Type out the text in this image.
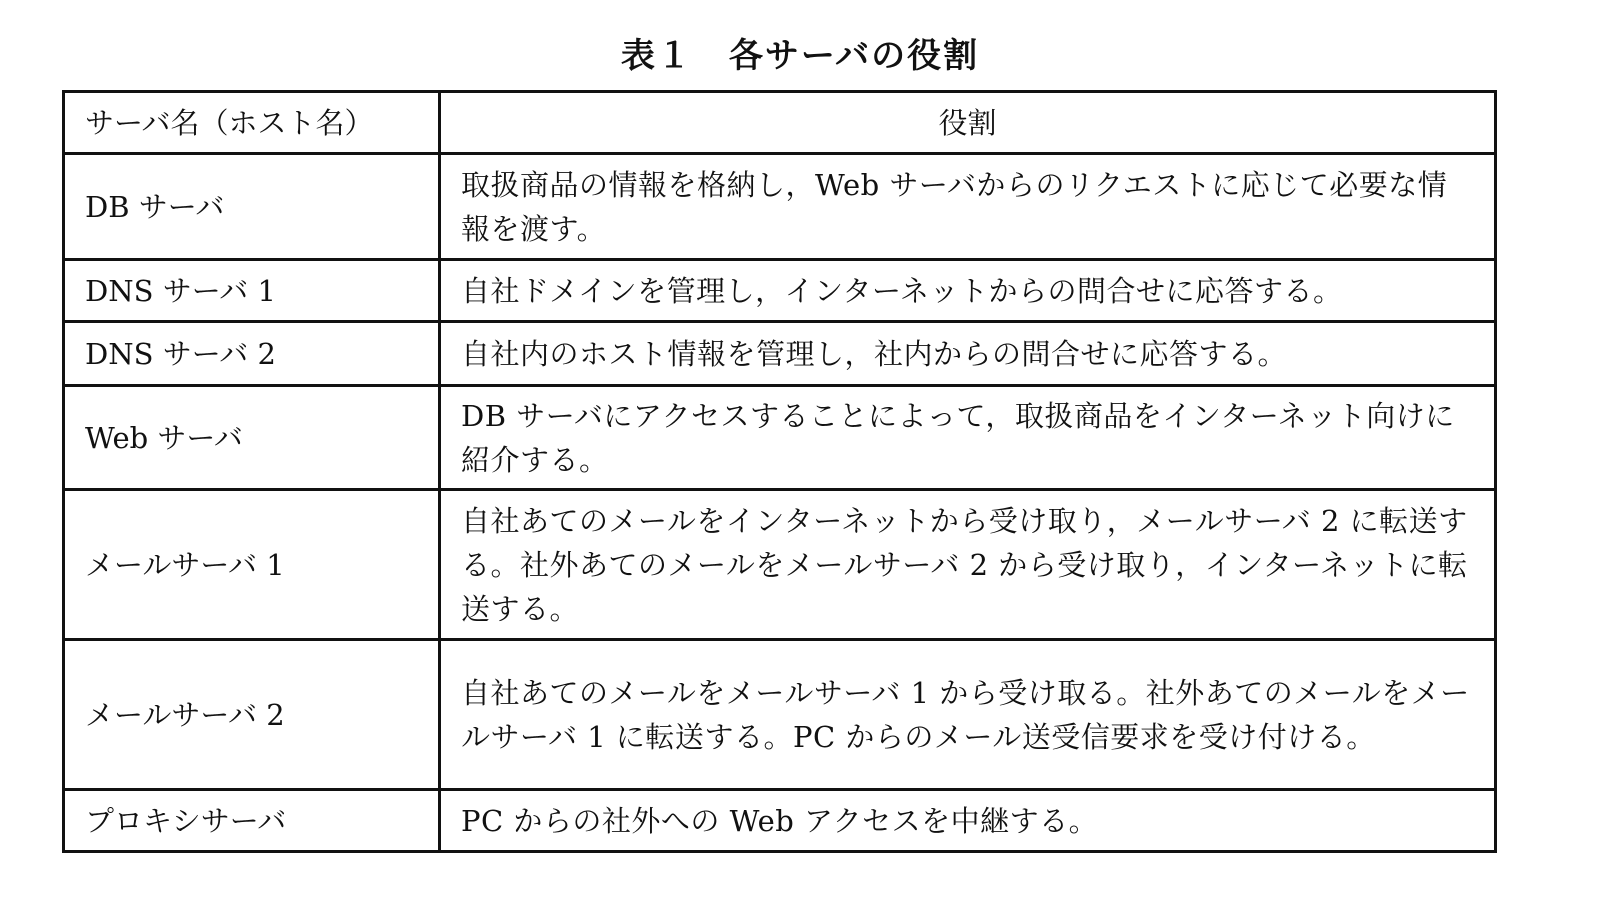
表１　各サーバの役割
サーバ名（ホスト名）	役割
DB サーバ	取扱商品の情報を格納し，Web サーバからのリクエストに応じて必要な情報を渡す。
DNS サーバ 1	自社ドメインを管理し，インターネットからの問合せに応答する。
DNS サーバ 2	自社内のホスト情報を管理し，社内からの問合せに応答する。
Web サーバ	DB サーバにアクセスすることによって，取扱商品をインターネット向けに紹介する。
メールサーバ 1	自社あてのメールをインターネットから受け取り，メールサーバ 2 に転送する。社外あてのメールをメールサーバ 2 から受け取り，インターネットに転送する。
メールサーバ 2	自社あてのメールをメールサーバ 1 から受け取る。社外あてのメールをメールサーバ 1 に転送する。PC からのメール送受信要求を受け付ける。
プロキシサーバ	PC からの社外への Web アクセスを中継する。
